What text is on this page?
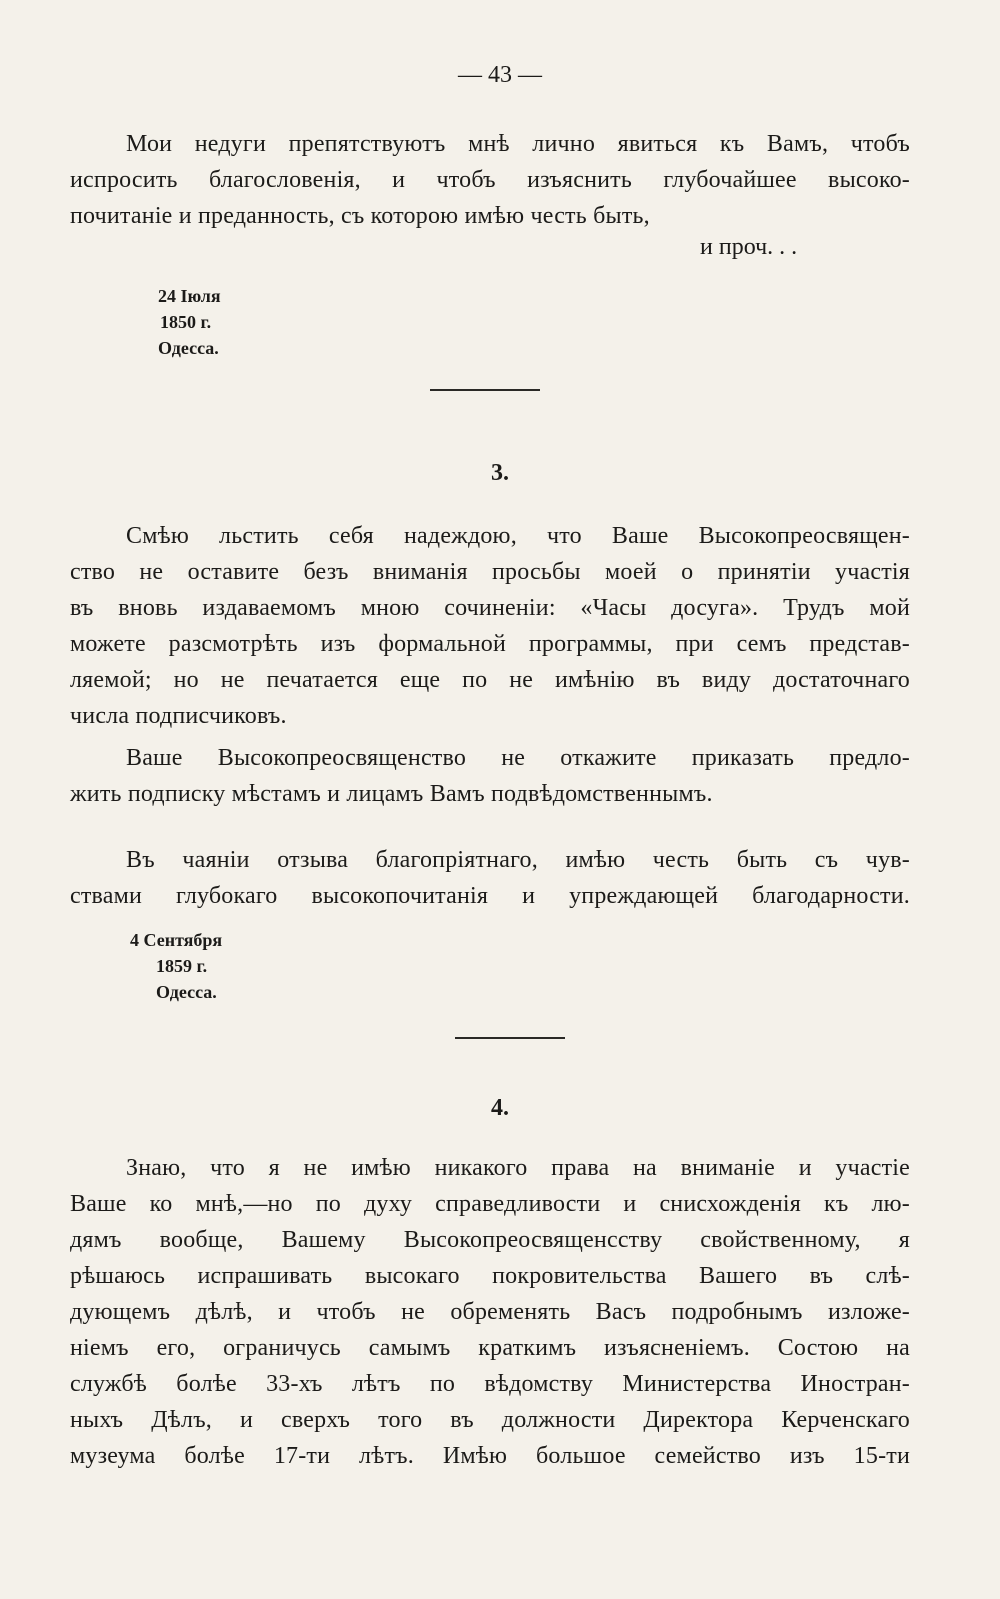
— 43 —
Мои недуги препятствуютъ мнѣ лично явиться къ Вамъ, чтобъ
испросить благословенія, и чтобъ изъяснить глубочайшее высоко-
почитаніе и преданность, съ которою имѣю честь быть,
и проч. . .
24 Іюля
1850 г.
Одесса.
3.
Смѣю льстить себя надеждою, что Ваше Высокопреосвящен-
ство не оставите безъ вниманія просьбы моей о принятіи участія
въ вновь издаваемомъ мною сочиненіи: «Часы досуга». Трудъ мой
можете разсмотрѣть изъ формальной программы, при семъ представ-
ляемой; но не печатается еще по не имѣнію въ виду достаточнаго
числа подписчиковъ.
Ваше Высокопреосвященство не откажите приказать предло-
жить подписку мѣстамъ и лицамъ Вамъ подвѣдомственнымъ.
Въ чаяніи отзыва благопріятнаго, имѣю честь быть съ чув-
ствами глубокаго высокопочитанія и упреждающей благодарности.
4 Сентября
1859 г.
Одесса.
4.
Знаю, что я не имѣю никакого права на вниманіе и участіе
Ваше ко мнѣ,—но по духу справедливости и снисхожденія къ лю-
дямъ вообще, Вашему Высокопреосвященсству свойственному, я
рѣшаюсь испрашивать высокаго покровительства Вашего въ слѣ-
дующемъ дѣлѣ, и чтобъ не обременять Васъ подробнымъ изложе-
ніемъ его, ограничусь самымъ краткимъ изъясненіемъ. Состою на
службѣ болѣе 33-хъ лѣтъ по вѣдомству Министерства Иностран-
ныхъ Дѣлъ, и сверхъ того въ должности Директора Керченскаго
музеума болѣе 17-ти лѣтъ. Имѣю большое семейство изъ 15-ти
